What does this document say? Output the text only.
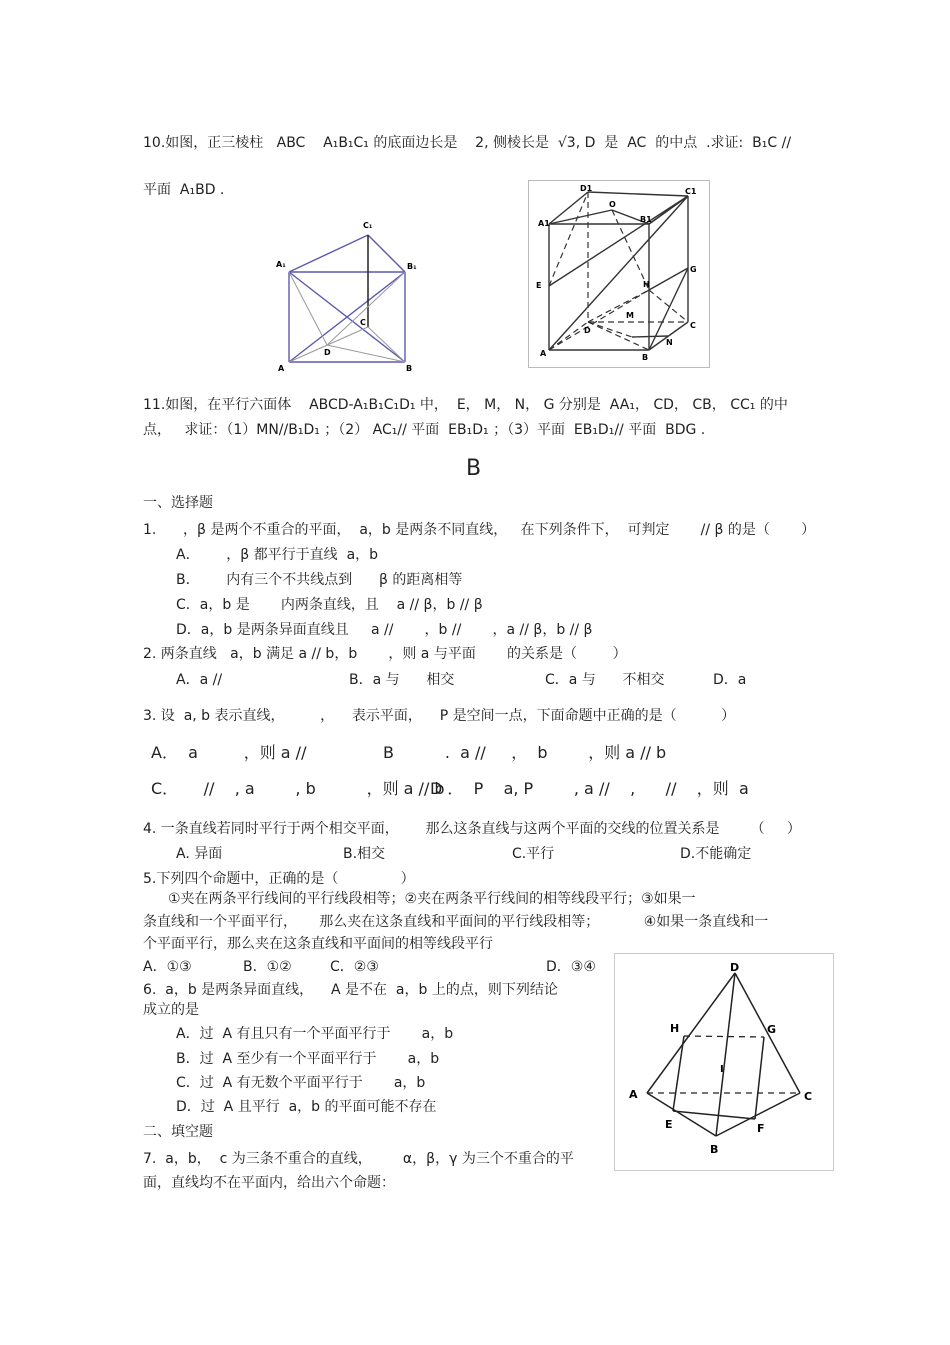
10.如图，正三棱柱   ABC    A₁B₁C₁ 的底面边长是    2, 侧棱长是  √3, D  是  AC  的中点  .求证:  B₁C //
平面  A₁BD .
C₁
A₁	B₁
C
D
A	B
D1	C1
A1	B1
O
E
G
H
M
D
C
N
A	B
11.如图，在平行六面体    ABCD-A₁B₁C₁D₁ 中，  E， M， N， G 分别是  AA₁， CD， CB， CC₁ 的中
点，   求证：（1）MN//B₁D₁ ；（2） AC₁// 平面  EB₁D₁ ；（3）平面  EB₁D₁// 平面  BDG .
B
一、选择题
1.      ，β 是两个不重合的平面，  a，b 是两条不同直线，   在下列条件下，  可判定       // β 的是（       ）
A．      ，β 都平行于直线  a，b
B．      内有三个不共线点到      β 的距离相等
C．a，b 是       内两条直线，且    a // β，b // β
D．a，b 是两条异面直线且     a //       ，b //       ，a // β，b // β
2. 两条直线   a，b 满足 a // b，b       ，则 a 与平面       的关系是（        ）
A．a //	B．a 与      相交	C．a 与      不相交	D．a
3. 设  a, b 表示直线，        ，    表示平面，    P 是空间一点，下面命题中正确的是（          ）
A．  a         ，则 a //	B          .  a //     ，  b        ，则 a // b
C．     //    , a        , b          ，则 a // b
D ．  P    a, P        , a //    ,      //    ，则  a
4. 一条直线若同时平行于两个相交平面，      那么这条直线与这两个平面的交线的位置关系是       （     ）
A. 异面	B.相交	C.平行	D.不能确定
5.下列四个命题中，正确的是（              ）
①夹在两条平行线间的平行线段相等；②夹在两条平行线间的相等线段平行；③如果一
条直线和一个平面平行，     那么夹在这条直线和平面间的平行线段相等；          ④如果一条直线和一
个平面平行，那么夹在这条直线和平面间的相等线段平行
A．①③	B．①②	C．②③	D．③④
6.  a，b 是两条异面直线，    A 是不在  a，b 上的点，则下列结论
成立的是
A．过  A 有且只有一个平面平行于       a，b
B．过  A 至少有一个平面平行于       a，b
C．过  A 有无数个平面平行于       a，b
D．过  A 且平行  a，b 的平面可能不存在
二、填空题
7.  a，b，  c 为三条不重合的直线，       α，β，γ 为三个不重合的平
面，直线均不在平面内，给出六个命题：
D
H	G
I
A	C
E	F
B
